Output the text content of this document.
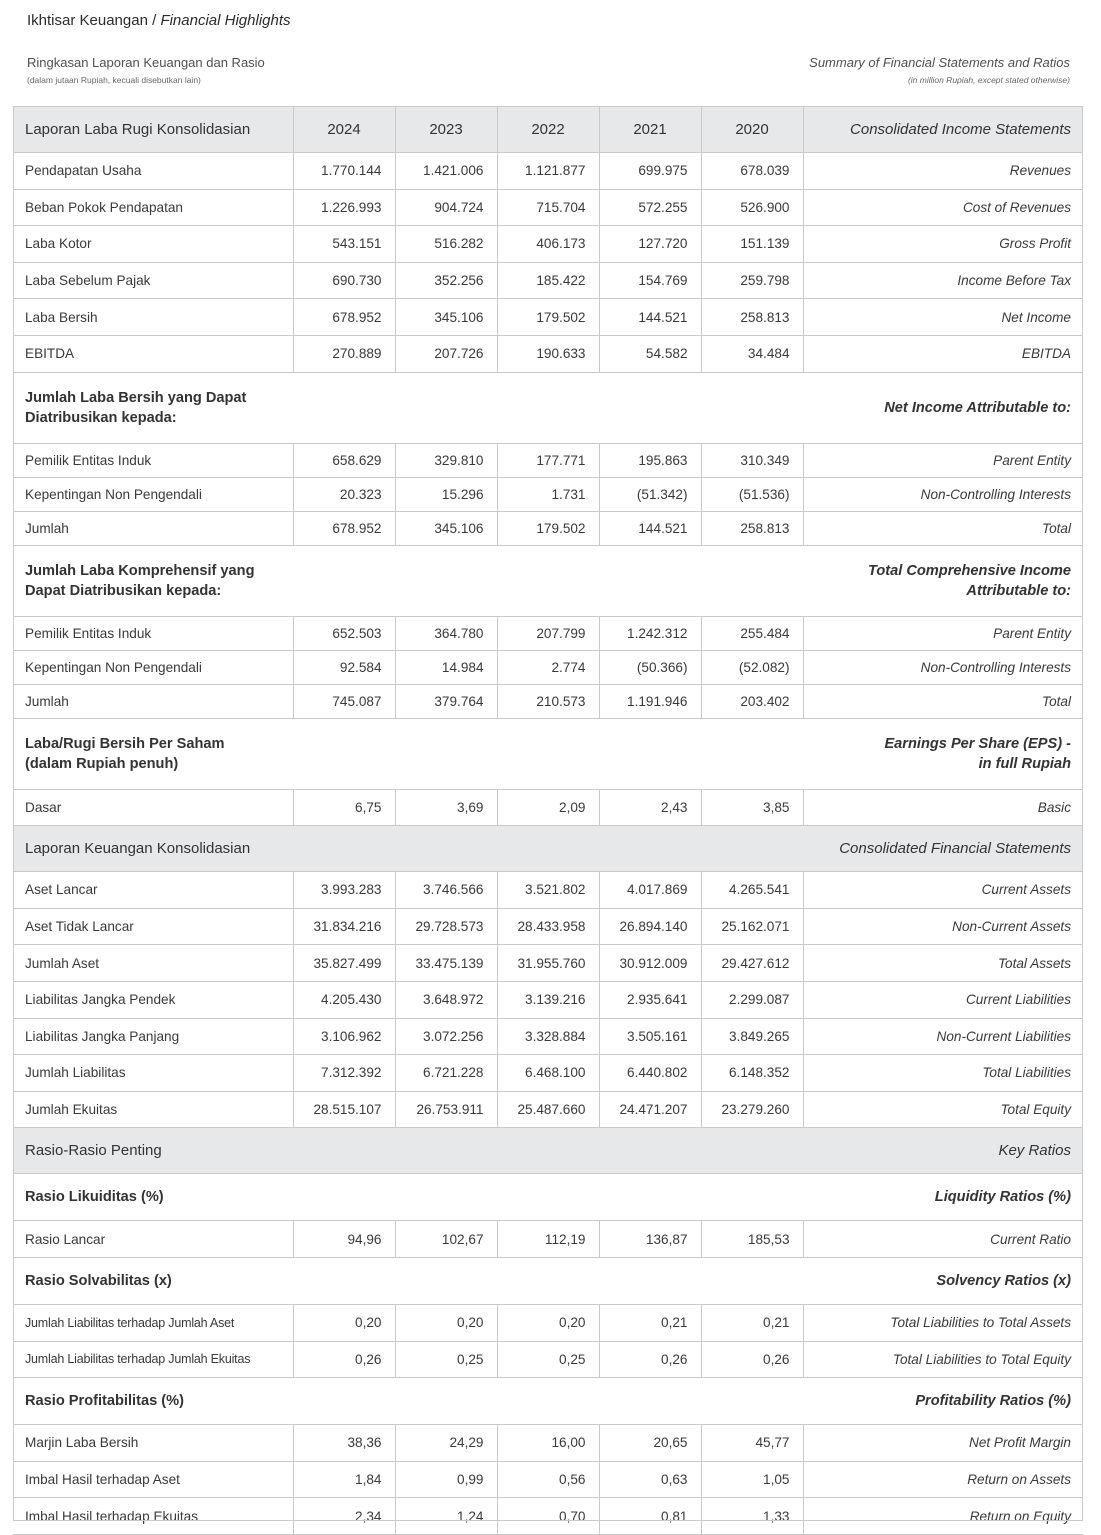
Ikhtisar Keuangan / Financial Highlights
Ringkasan Laporan Keuangan dan Rasio
(dalam jutaan Rupiah, kecuali disebutkan lain)
Summary of Financial Statements and Ratios
(in million Rupiah, except stated otherwise)
Laporan Laba Rugi Konsolidasian	2024	2023	2022	2021	2020	Consolidated Income Statements
Pendapatan Usaha	1.770.144	1.421.006	1.121.877	699.975	678.039	Revenues
Beban Pokok Pendapatan	1.226.993	904.724	715.704	572.255	526.900	Cost of Revenues
Laba Kotor	543.151	516.282	406.173	127.720	151.139	Gross Profit
Laba Sebelum Pajak	690.730	352.256	185.422	154.769	259.798	Income Before Tax
Laba Bersih	678.952	345.106	179.502	144.521	258.813	Net Income
EBITDA	270.889	207.726	190.633	54.582	34.484	EBITDA
Jumlah Laba Bersih yang Dapat
Diatribusikan kepada:					Net Income Attributable to:	
Pemilik Entitas Induk	658.629	329.810	177.771	195.863	310.349	Parent Entity
Kepentingan Non Pengendali	20.323	15.296	1.731	(51.342)	(51.536)	Non-Controlling Interests
Jumlah	678.952	345.106	179.502	144.521	258.813	Total
Jumlah Laba Komprehensif yang
Dapat Diatribusikan kepada:					Total Comprehensive Income
Attributable to:	
Pemilik Entitas Induk	652.503	364.780	207.799	1.242.312	255.484	Parent Entity
Kepentingan Non Pengendali	92.584	14.984	2.774	(50.366)	(52.082)	Non-Controlling Interests
Jumlah	745.087	379.764	210.573	1.191.946	203.402	Total
Laba/Rugi Bersih Per Saham
(dalam Rupiah penuh)					Earnings Per Share (EPS) -
in full Rupiah	
Dasar	6,75	3,69	2,09	2,43	3,85	Basic
Laporan Keuangan Konsolidasian					Consolidated Financial Statements	
Aset Lancar	3.993.283	3.746.566	3.521.802	4.017.869	4.265.541	Current Assets
Aset Tidak Lancar	31.834.216	29.728.573	28.433.958	26.894.140	25.162.071	Non-Current Assets
Jumlah Aset	35.827.499	33.475.139	31.955.760	30.912.009	29.427.612	Total Assets
Liabilitas Jangka Pendek	4.205.430	3.648.972	3.139.216	2.935.641	2.299.087	Current Liabilities
Liabilitas Jangka Panjang	3.106.962	3.072.256	3.328.884	3.505.161	3.849.265	Non-Current Liabilities
Jumlah Liabilitas	7.312.392	6.721.228	6.468.100	6.440.802	6.148.352	Total Liabilities
Jumlah Ekuitas	28.515.107	26.753.911	25.487.660	24.471.207	23.279.260	Total Equity
Rasio-Rasio Penting					Key Ratios	
Rasio Likuiditas (%)					Liquidity Ratios (%)	
Rasio Lancar	94,96	102,67	112,19	136,87	185,53	Current Ratio
Rasio Solvabilitas (x)					Solvency Ratios (x)	
Jumlah Liabilitas terhadap Jumlah Aset	0,20	0,20	0,20	0,21	0,21	Total Liabilities to Total Assets
Jumlah Liabilitas terhadap Jumlah Ekuitas	0,26	0,25	0,25	0,26	0,26	Total Liabilities to Total Equity
Rasio Profitabilitas (%)					Profitability Ratios (%)	
Marjin Laba Bersih	38,36	24,29	16,00	20,65	45,77	Net Profit Margin
Imbal Hasil terhadap Aset	1,84	0,99	0,56	0,63	1,05	Return on Assets
Imbal Hasil terhadap Ekuitas	2,34	1,24	0,70	0,81	1,33	Return on Equity
